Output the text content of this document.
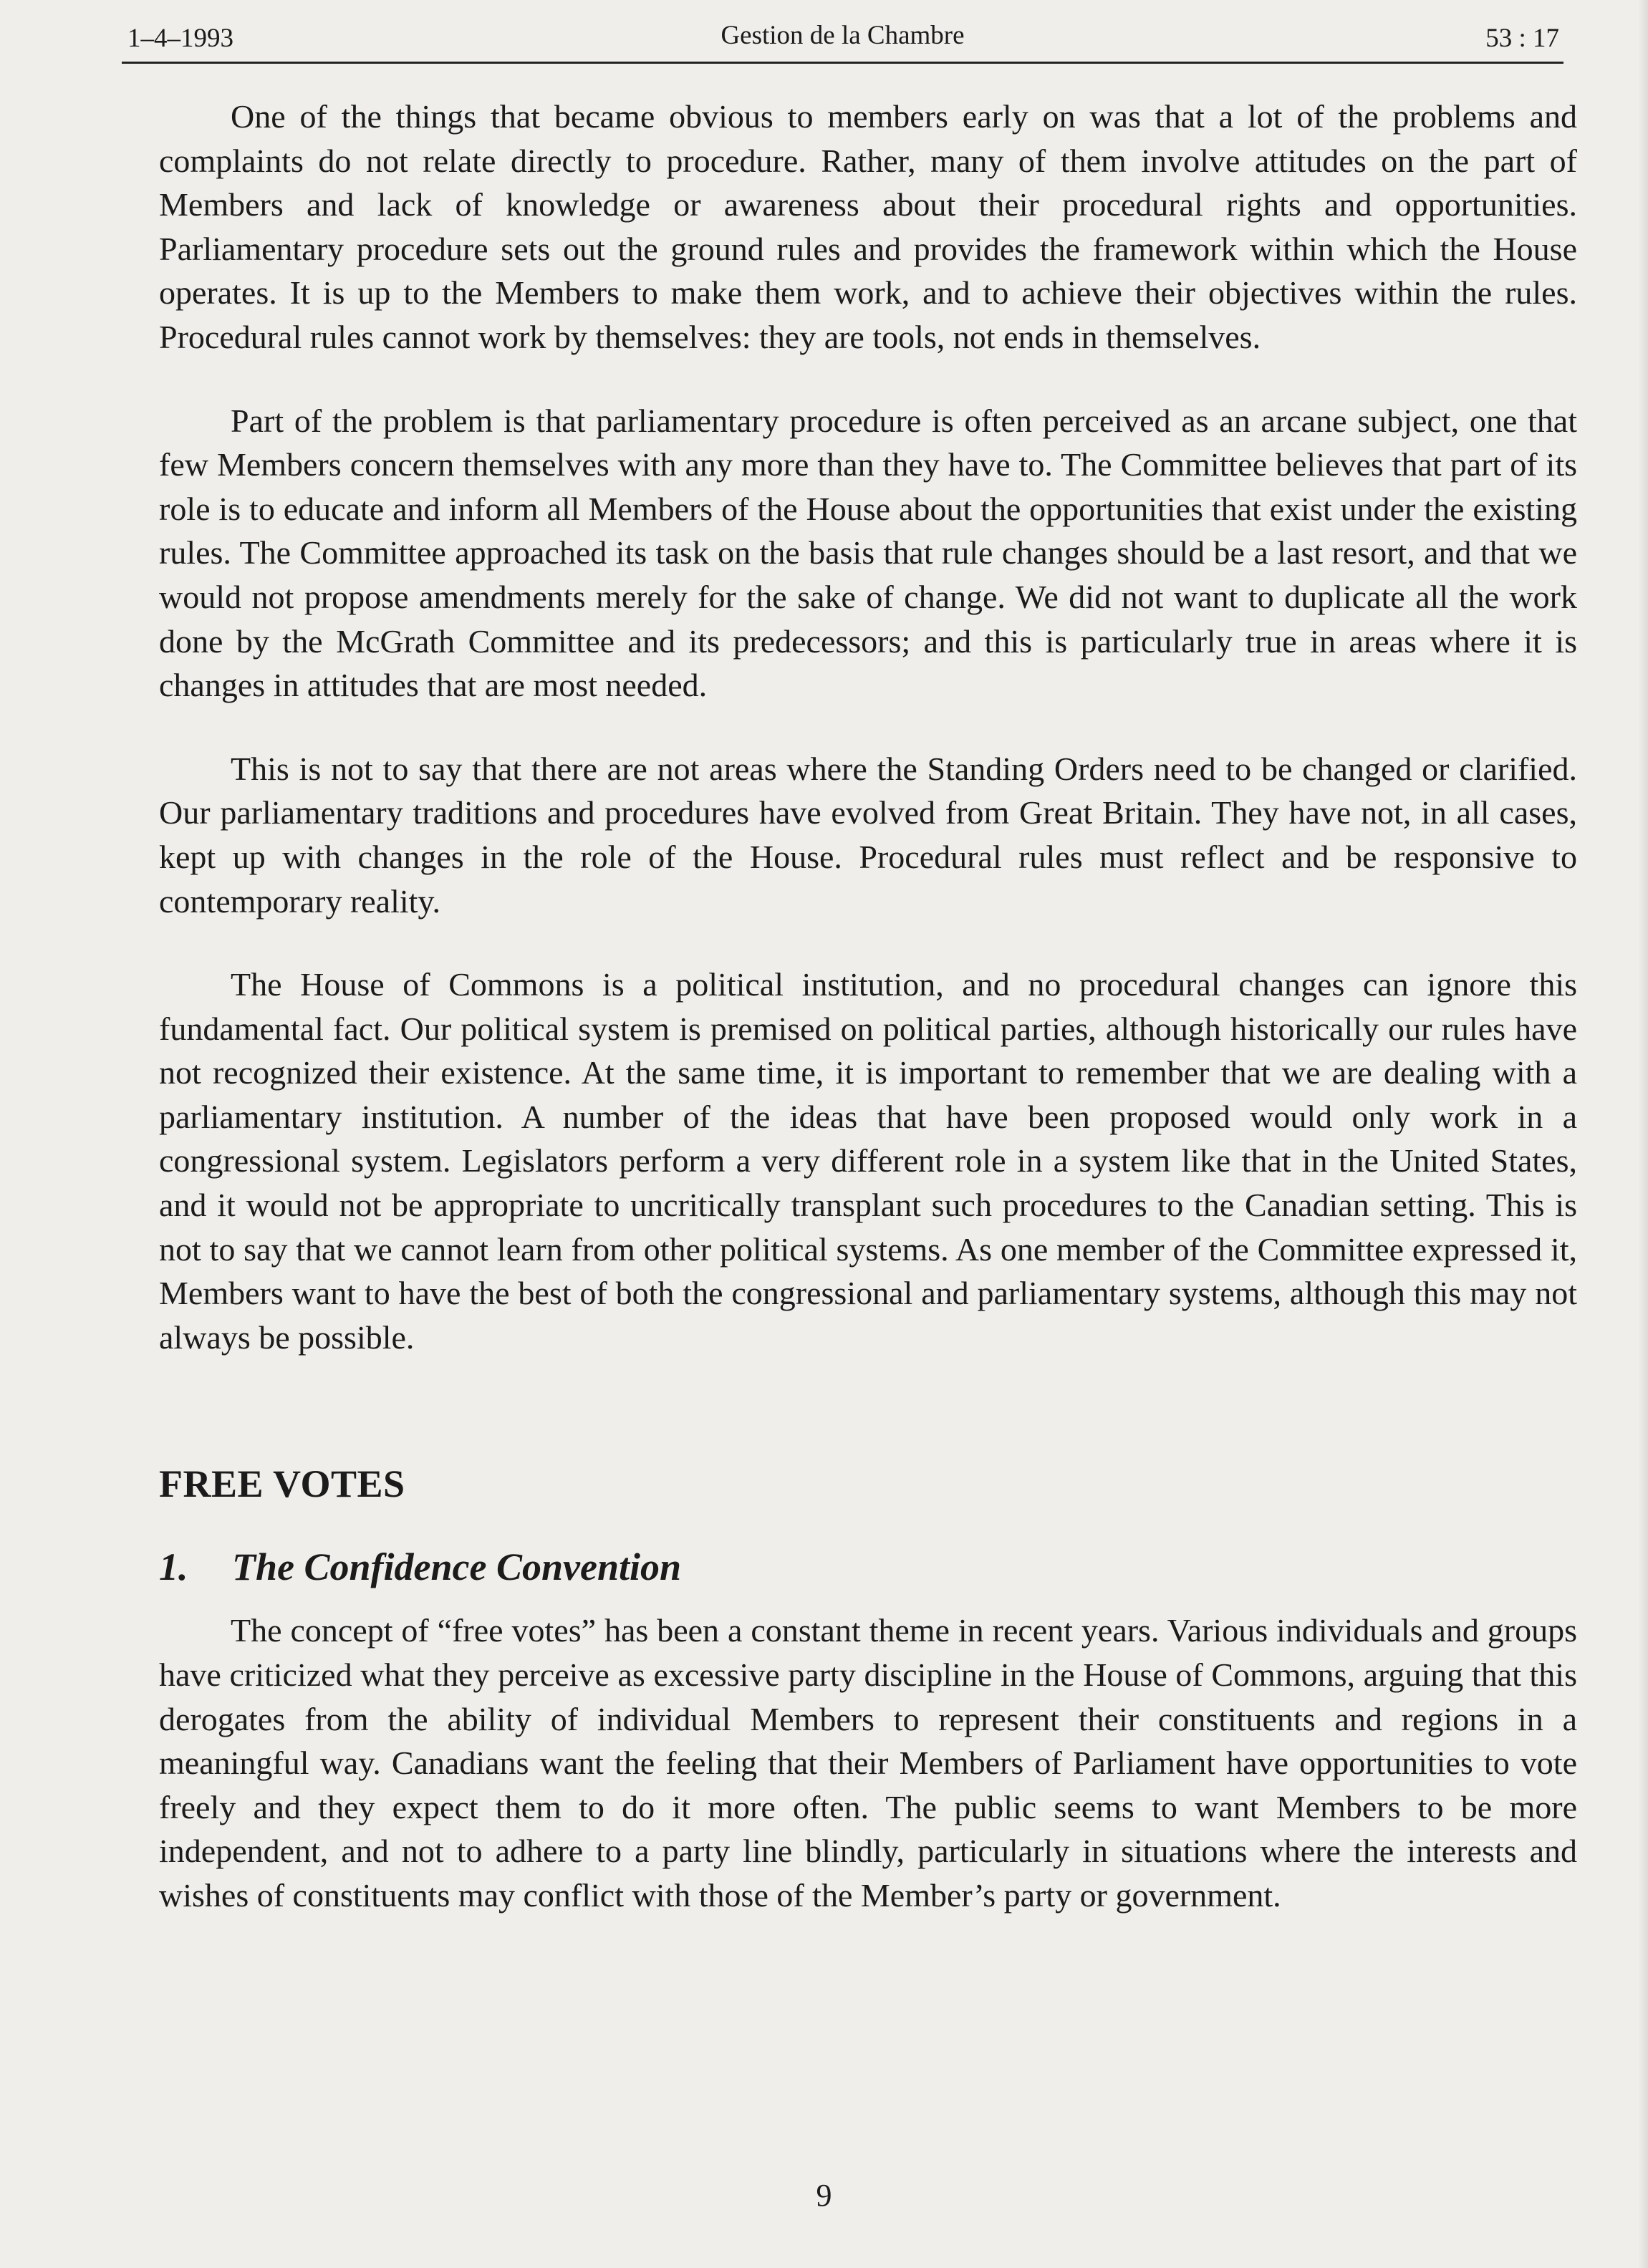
1–4–1993	Gestion de la Chambre	53 : 17

One of the things that became obvious to members early on was that a lot of the problems and complaints do not relate directly to procedure. Rather, many of them involve attitudes on the part of Members and lack of knowledge or awareness about their procedural rights and opportunities. Parliamentary procedure sets out the ground rules and provides the framework within which the House operates. It is up to the Members to make them work, and to achieve their objectives within the rules. Procedural rules cannot work by themselves: they are tools, not ends in themselves.

Part of the problem is that parliamentary procedure is often perceived as an arcane subject, one that few Members concern themselves with any more than they have to. The Committee believes that part of its role is to educate and inform all Members of the House about the opportunities that exist under the existing rules. The Committee approached its task on the basis that rule changes should be a last resort, and that we would not propose amendments merely for the sake of change. We did not want to duplicate all the work done by the McGrath Committee and its predecessors; and this is particularly true in areas where it is changes in attitudes that are most needed.

This is not to say that there are not areas where the Standing Orders need to be changed or clarified. Our parliamentary traditions and procedures have evolved from Great Britain. They have not, in all cases, kept up with changes in the role of the House. Procedural rules must reflect and be responsive to contemporary reality.

The House of Commons is a political institution, and no procedural changes can ignore this fundamental fact. Our political system is premised on political parties, although historically our rules have not recognized their existence. At the same time, it is important to remember that we are dealing with a parliamentary institution. A number of the ideas that have been proposed would only work in a congressional system. Legislators perform a very different role in a system like that in the United States, and it would not be appropriate to uncritically transplant such procedures to the Canadian setting. This is not to say that we cannot learn from other political systems. As one member of the Committee expressed it, Members want to have the best of both the congressional and parliamentary systems, although this may not always be possible.

FREE VOTES
1. The Confidence Convention

The concept of “free votes” has been a constant theme in recent years. Various individuals and groups have criticized what they perceive as excessive party discipline in the House of Commons, arguing that this derogates from the ability of individual Members to represent their constituents and regions in a meaningful way. Canadians want the feeling that their Members of Parliament have opportunities to vote freely and they expect them to do it more often. The public seems to want Members to be more independent, and not to adhere to a party line blindly, particularly in situations where the interests and wishes of constituents may conflict with those of the Member’s party or government.

9
